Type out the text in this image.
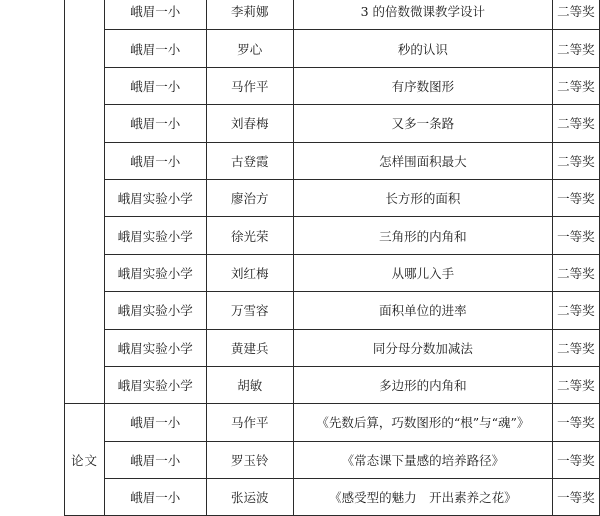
	峨眉一小	李莉娜	3 的倍数微课教学设计	二等奖
	峨眉一小	罗心	秒的认识	二等奖
	峨眉一小	马作平	有序数图形	二等奖
	峨眉一小	刘春梅	又多一条路	二等奖
	峨眉一小	古登霞	怎样围面积最大	二等奖
	峨眉实验小学	廖治方	长方形的面积	一等奖
	峨眉实验小学	徐光荣	三角形的内角和	一等奖
	峨眉实验小学	刘红梅	从哪儿入手	二等奖
	峨眉实验小学	万雪容	面积单位的进率	二等奖
	峨眉实验小学	黄建兵	同分母分数加减法	二等奖
	峨眉实验小学	胡敏	多边形的内角和	二等奖
论文	峨眉一小	马作平	《先数后算，巧数图形的“根”与“魂”》	一等奖
	峨眉一小	罗玉铃	《常态课下量感的培养路径》	一等奖
	峨眉一小	张运波	《感受型的魅力　开出素养之花》	一等奖
